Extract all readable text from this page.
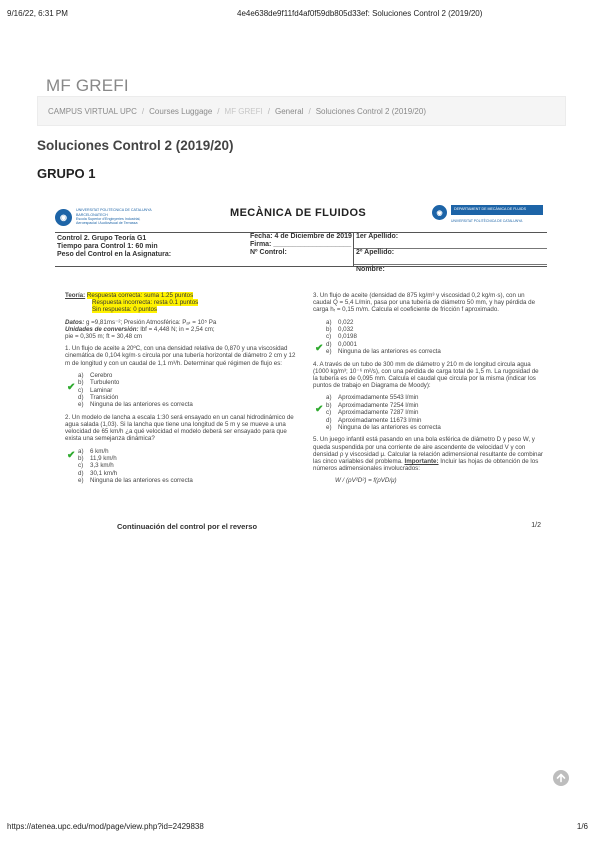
9/16/22, 6:31 PM	4e4e638de9f11fd4af0f59db805d33ef: Soluciones Control 2 (2019/20)
MF GREFI
CAMPUS VIRTUAL UPC / Courses Luggage / MF GREFI / General / Soluciones Control 2 (2019/20)
Soluciones Control 2 (2019/20)
GRUPO 1
◉
UNIVERSITAT POLITÈCNICA DE CATALUNYA
BARCELONATECH
Escola Superior d'Enginyeries Industrial,
Aeroespacial i Audiovisual de Terrassa
MECÀNICA DE FLUIDOS	◉
DEPARTAMENT DE MECÀNICA DE FLUIDS
UNIVERSITAT POLITÈCNICA DE CATALUNYA
Control 2. Grupo Teoría G1
Tiempo para Control 1: 60 min
Peso del Control en la Asignatura:
Fecha: 4 de Diciembre de 2019
Firma: ____________________
Nº Control:
1er Apellido:
2º Apellido:
Nombre:
Teoría: Respuesta correcta: suma 1.25 puntos
Respuesta incorrecta: resta 0.1 puntos
Sin respuesta: 0 puntos
Datos: g =9,81ms⁻²; Presión Atmosférica: Pₐₜ = 10⁵ Pa
Unidades de conversión: lbf = 4,448 N; in = 2,54 cm;
pie = 0,305 m; ft = 30,48 cm
1. Un flujo de aceite a 20ºC, con una densidad relativa de 0,870 y una viscosidad cinemática de 0,104 kg/m·s circula por una tubería horizontal de diámetro 2 cm y 12 m de longitud y con un caudal de 1,1 m³/h. Determinar qué régimen de flujo es:
a)	Cerebro
b)	Turbulento
✔ c)	Laminar
d)	Transición
e)	Ninguna de las anteriores es correcta
2. Un modelo de lancha a escala 1:30 será ensayado en un canal hidrodinámico de agua salada (1,03). Si la lancha que tiene una longitud de 5 m y se mueve a una velocidad de 65 km/h ¿a qué velocidad el modelo deberá ser ensayado para que exista una semejanza dinámica?
a)	6 km/h
✔ b)	11,9 km/h
c)	3,3 km/h
d)	30,1 km/h
e)	Ninguna de las anteriores es correcta
3. Un flujo de aceite (densidad de 875 kg/m³ y viscosidad 0,2 kg/m·s), con un caudal Q = 5,4 L/min, pasa por una tubería de diámetro 50 mm, y hay pérdida de carga hᵣ = 0,15 m/m. Calcula el coeficiente de fricción f aproximado.
a)	0,022
b)	0,032
c)	0,0198
d)	0,0001
✔ e)	Ninguna de las anteriores es correcta
4. A través de un tubo de 300 mm de diámetro y 210 m de longitud circula agua (1000 kg/m³; 10⁻⁶ m²/s), con una pérdida de carga total de 1,5 m. La rugosidad de la tubería es de 0,095 mm. Calcula el caudal que circula por la misma (indicar los puntos de trabajo en Diagrama de Moody):
a)	Aproximadamente 5543 l/min
b)	Aproximadamente 7254 l/min
✔ c)	Aproximadamente 7287 l/min
d)	Aproximadamente 11673 l/min
e)	Ninguna de las anteriores es correcta
5. Un juego infantil está pasando en una bola esférica de diámetro D y peso W, y queda suspendida por una corriente de aire ascendente de velocidad V y con densidad ρ y viscosidad μ. Calcular la relación adimensional resultante de combinar las cinco variables del problema. Importante: Incluir las hojas de obtención de los números adimensionales involucrados:
W / (ρV²D²) = f(ρVD/μ)
Continuación del control por el reverso	1/2
https://atenea.upc.edu/mod/page/view.php?id=2429838	1/6
